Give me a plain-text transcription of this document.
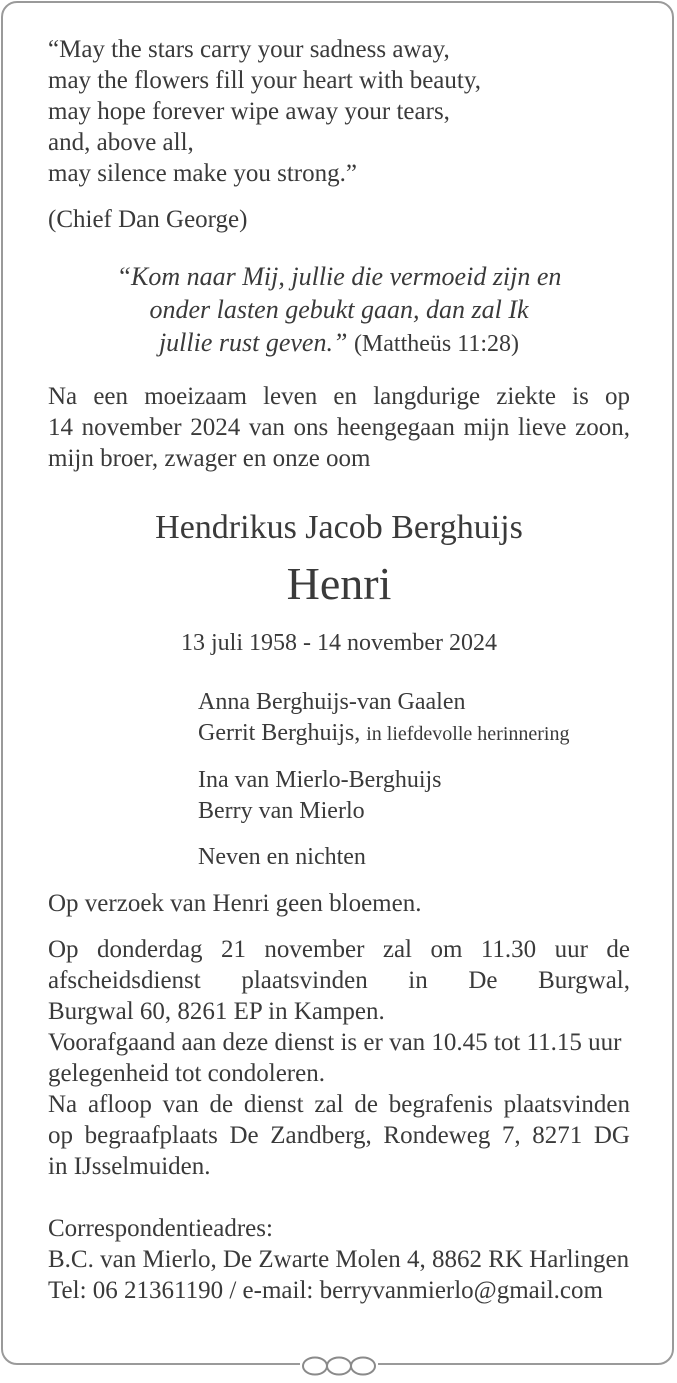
“May the stars carry your sadness away,
may the flowers fill your heart with beauty,
may hope forever wipe away your tears,
and, above all,
may silence make you strong.”
(Chief Dan George)
“Kom naar Mij, jullie die vermoeid zijn en
onder lasten gebukt gaan, dan zal Ik
jullie rust geven.” (Mattheüs 11:28)
Na een moeizaam leven en langdurige ziekte is op
14 november 2024 van ons heengegaan mijn lieve zoon,
mijn broer, zwager en onze oom
Hendrikus Jacob Berghuijs
Henri
13 juli 1958 - 14 november 2024
Anna Berghuijs-van Gaalen
Gerrit Berghuijs, in liefdevolle herinnering
Ina van Mierlo-Berghuijs
Berry van Mierlo
Neven en nichten
Op verzoek van Henri geen bloemen.
Op donderdag 21 november zal om 11.30 uur de
afscheidsdienst plaatsvinden in De Burgwal,
Burgwal 60, 8261 EP in Kampen.
Voorafgaand aan deze dienst is er van 10.45 tot 11.15 uur
gelegenheid tot condoleren.
Na afloop van de dienst zal de begrafenis plaatsvinden
op begraafplaats De Zandberg, Rondeweg 7, 8271 DG
in IJsselmuiden.
Correspondentieadres:
B.C. van Mierlo, De Zwarte Molen 4, 8862 RK Harlingen
Tel: 06 21361190 / e-mail: berryvanmierlo@gmail.com
